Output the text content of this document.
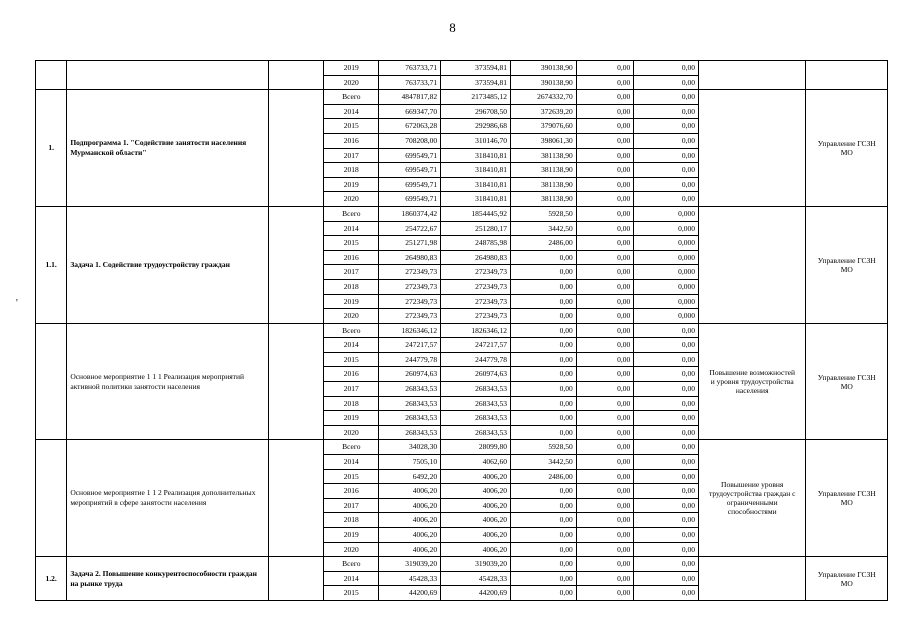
8
'
			2019	763733,71	373594,81	390138,90	0,00	0,00		
			2020	763733,71	373594,81	390138,90	0,00	0,00		
1.	Подпрограмма 1. "Содействие занятости населения Мурманской области"		Всего	4847817,82	2173485,12	2674332,70	0,00	0,00		Управление ГСЗН
МО

			2014	669347,70	296708,50	372639,20	0,00	0,00		
			2015	672063,28	292986,68	379076,60	0,00	0,00		
			2016	708208,00	310146,70	398061,30	0,00	0,00		
			2017	699549,71	318410,81	381138,90	0,00	0,00		
			2018	699549,71	318410,81	381138,90	0,00	0,00		
			2019	699549,71	318410,81	381138,90	0,00	0,00		
			2020	699549,71	318410,81	381138,90	0,00	0,00		
1.1.	Задача 1. Содействие трудоустройству граждан		Всего	1860374,42	1854445,92	5928,50	0,00	0,000		Управление ГСЗН
МО

			2014	254722,67	251280,17	3442,50	0,00	0,000		
			2015	251271,98	248785,98	2486,00	0,00	0,000		
			2016	264980,83	264980,83	0,00	0,00	0,000		
			2017	272349,73	272349,73	0,00	0,00	0,000		
			2018	272349,73	272349,73	0,00	0,00	0,000		
			2019	272349,73	272349,73	0,00	0,00	0,000		
			2020	272349,73	272349,73	0,00	0,00	0,000		
	Основное мероприятие 1 1 1 Реализация мероприятий активной политики занятости населения		Всего	1826346,12	1826346,12	0,00	0,00	0,00	Повышение возможностей
и уровня трудоустройства
населения	Управление ГСЗН
МО

			2014	247217,57	247217,57	0,00	0,00	0,00		
			2015	244779,78	244779,78	0,00	0,00	0,00		
			2016	260974,63	260974,63	0,00	0,00	0,00		
			2017	268343,53	268343,53	0,00	0,00	0,00		
			2018	268343,53	268343,53	0,00	0,00	0,00		
			2019	268343,53	268343,53	0,00	0,00	0,00		
			2020	268343,53	268343,53	0,00	0,00	0,00		
	Основное мероприятие 1 1 2 Реализация дополнительных мероприятий в сфере занятости населения		Всего	34028,30	28099,80	5928,50	0,00	0,00	Повышение уровня
трудоустройства граждан с
ограниченными
способностями	Управление ГСЗН
МО

			2014	7505,10	4062,60	3442,50	0,00	0,00		
			2015	6492,20	4006,20	2486,00	0,00	0,00		
			2016	4006,20	4006,20	0,00	0,00	0,00		
			2017	4006,20	4006,20	0,00	0,00	0,00		
			2018	4006,20	4006,20	0,00	0,00	0,00		
			2019	4006,20	4006,20	0,00	0,00	0,00		
			2020	4006,20	4006,20	0,00	0,00	0,00		
1.2.	Задача 2. Повышение конкурентоспособности граждан на рынке труда		Всего	319039,20	319039,20	0,00	0,00	0,00		Управление ГСЗН
МО

			2014	45428,33	45428,33	0,00	0,00	0,00		
			2015	44200,69	44200,69	0,00	0,00	0,00		
